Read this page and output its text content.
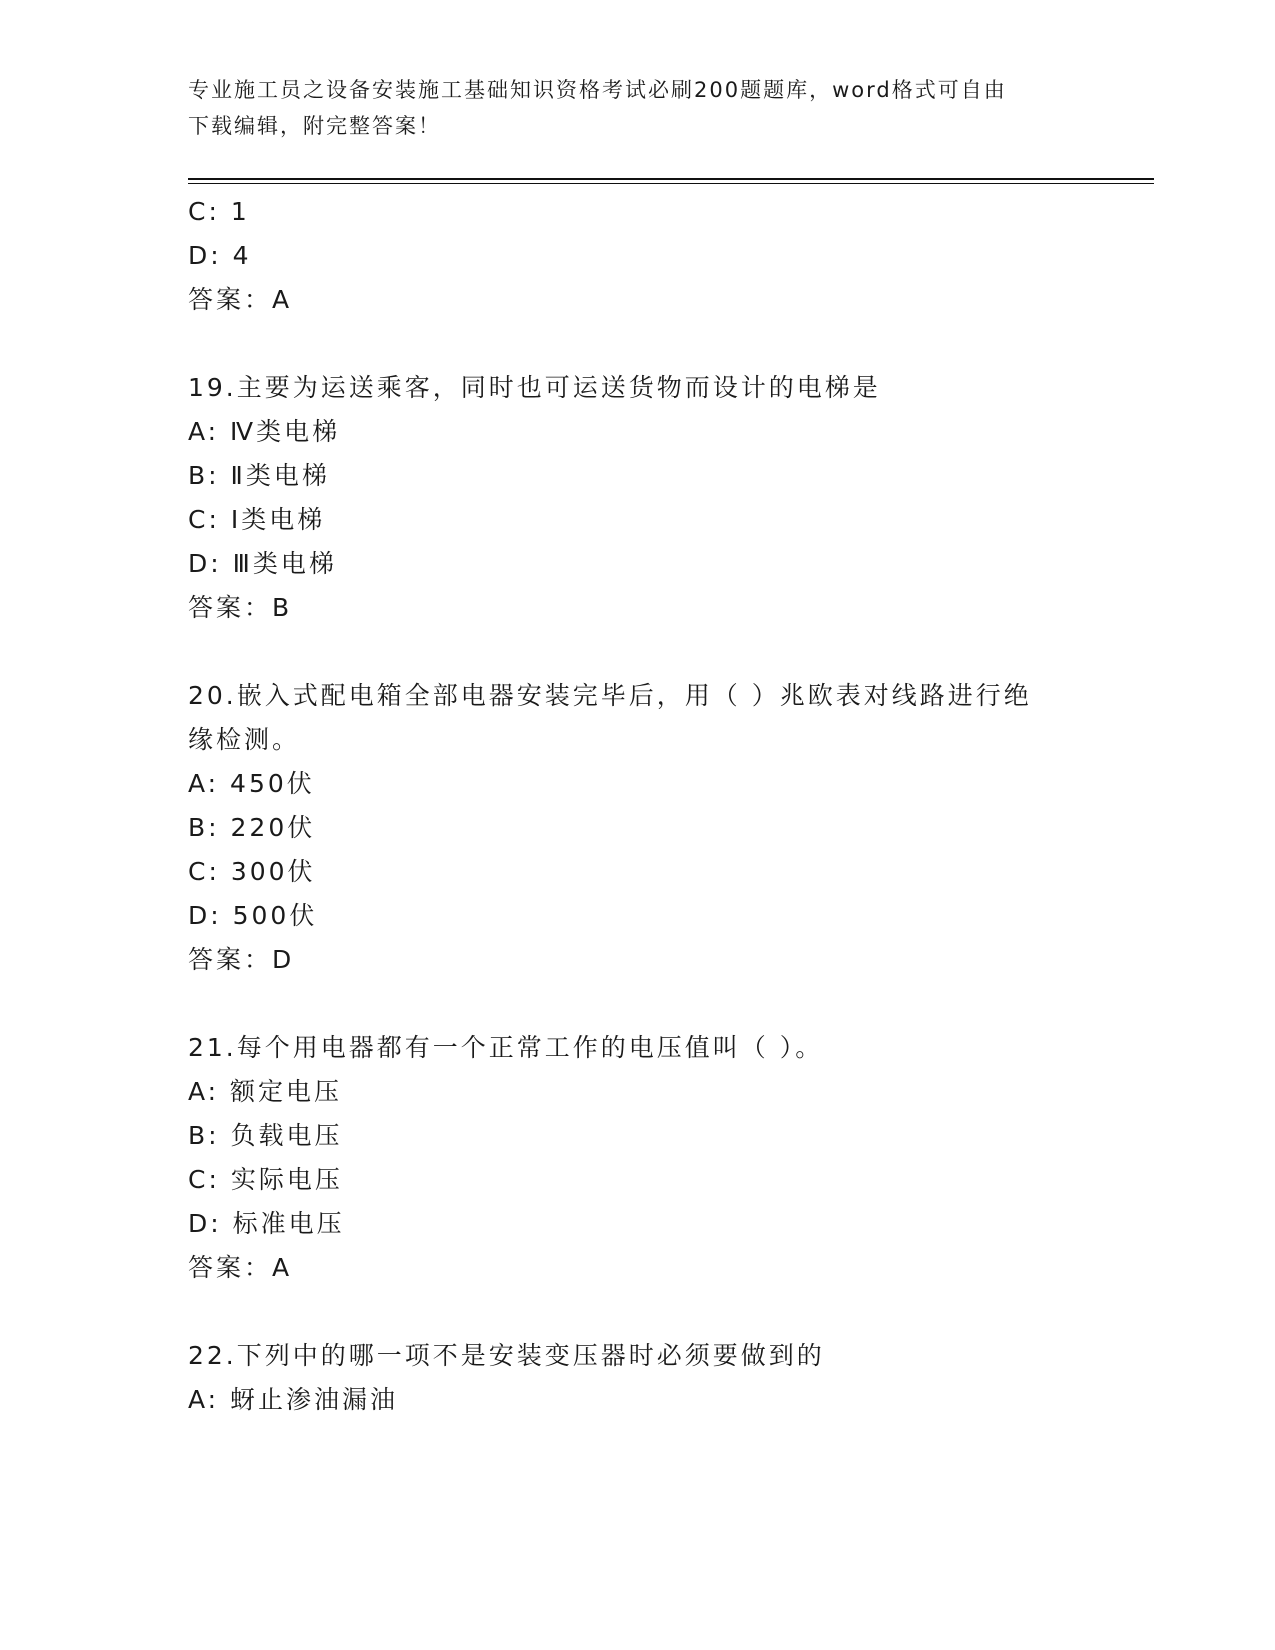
专业施工员之设备安装施工基础知识资格考试必刷200题题库，word格式可自由
下载编辑，附完整答案！
C: 1
D: 4
答案：A
19.主要为运送乘客，同时也可运送货物而设计的电梯是
A: Ⅳ类电梯
B: Ⅱ类电梯
C: Ⅰ类电梯
D: Ⅲ类电梯
答案：B
20.嵌入式配电箱全部电器安装完毕后，用（ ）兆欧表对线路进行绝
缘检测。
A: 450伏
B: 220伏
C: 300伏
D: 500伏
答案：D
21.每个用电器都有一个正常工作的电压值叫（ ）。
A: 额定电压
B: 负载电压
C: 实际电压
D: 标准电压
答案：A
22.下列中的哪一项不是安装变压器时必须要做到的
A: 蚜止渗油漏油
